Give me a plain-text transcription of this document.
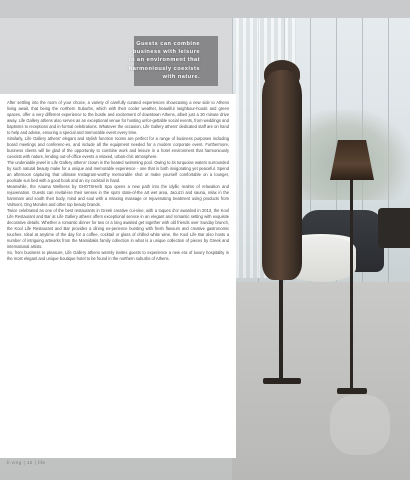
Guests can combine
business with leisure
in an environment that
harmoniously coexists
with nature.

After settling into the room of your choice, a variety of carefully curated experiences showcasing a new side to Athens living await, that being the northern Suburbs, which with their cooler weather, beautiful neighbour-hoods and green spaces, offer a very different experience to the bustle and excitement of downtown Athens, albeit just a 30 minute drive away. Life Gallery athens also serves as an exceptional venue for hosting unfor-gettable social events, from weddings and baptisms to receptions and in-formal celebrations. Whatever the occasion, Life Gallery athens' dedicated staff are on hand to help and advise, ensuring a special and memorable event every time.

Similarly, Life Gallery athens' elegant and stylish function rooms are perfect for a range of business purposes including board meetings and conferenc-es, and include all the equipment needed for a modern corporate event. Furthermore, business clients will be glad of the opportunity to combine work and leisure in a hotel environment that harmoniously coexists with nature, lending out-of-office events a relaxed, urban-chic atmosphere.

The undeniable jewel in Life Gallery athens' crown is the heated swimming pool. Owing to its turquoise waters surrounded by such natural beauty make for a unique and memorable experience - one that is both invigorating yet peaceful. Spend an afternoon capturing that ultimate Instagram-worthy memorable shot or make yourself comfortable on a lounger, poolside sun bed with a good book and an icy cocktail in hand.

Meanwhile, the Anama Wellness by GHOTSHerb Spa opens a new path into the idyllic realms of relaxation and rejuvenation. Guests can revital-ise their senses in the spa's state-of-the art wet area, Jacuzzi and sauna, relax in the hammam and sooth their body, mind and soul with a relaxing massage or rejuvenating treatment using products from Valmont, Ong Mondes and other top beauty brands.

Twice celebrated as one of the best restaurants in Greek creative cui-sine, with a toques d'or awarded in 2013, the Kool Life Restaurant and Bar at Life Gallery athens offers exceptional service in an elegant and romantic setting with exquisite decorative details. Whether a romantic dinner for two or a long awaited get together with old friends over Sunday brunch, the Kool Life Restaurant and Bar provides a dining ex-perience bursting with fresh flavours and creative gastronomic touches. Ideal at anytime of the day for a coffee, cocktail or glass of chilled white wine, the Kool Life Bar also hosts a number of intriguing artworks from the Mamidakis family collection in what is a unique collection of pieces by Greek and international artists.

So, from business to pleasure, Life Gallery athens warmly invites guests to experience a new era of luxury hospitality in the most elegant and unique boutique hotel to be found in the northern suburbs of Athens.

li ving | 12 | life
